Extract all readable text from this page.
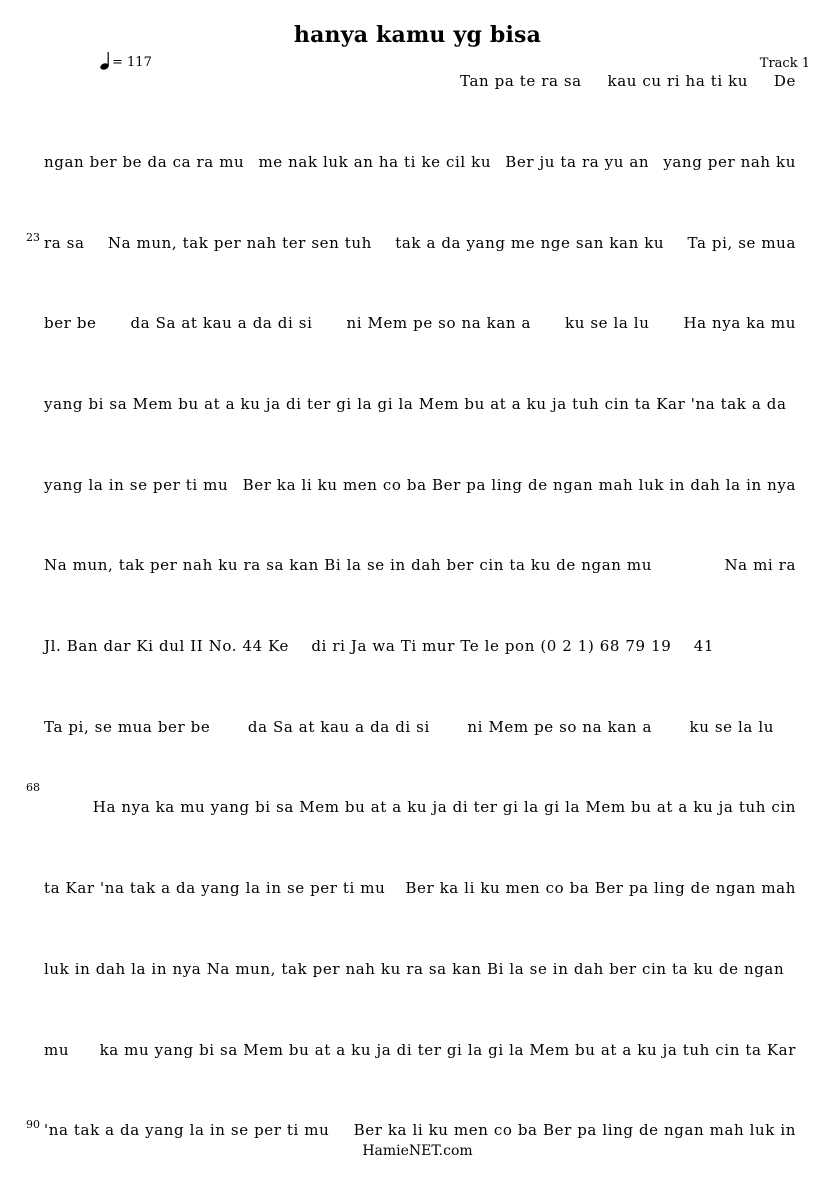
hanya kamu yg bisa
= 117	Track 1
Tan pa te ra sa kau cu ri ha ti ku De
ngan ber be da ca ra mu me nak luk an ha ti ke cil ku Ber ju ta ra yu an yang per nah ku
23 ra sa Na mun, tak per nah ter sen tuh tak a da yang me nge san kan ku Ta pi, se mua
ber be da Sa at kau a da di si ni Mem pe so na kan a ku se la lu Ha nya ka mu
yang bi sa Mem bu at a ku ja di ter gi la gi la Mem bu at a ku ja tuh cin ta Kar 'na tak a da
yang la in se per ti mu Ber ka li ku men co ba Ber pa ling de ngan mah luk in dah la in nya
Na mun, tak per nah ku ra sa kan Bi la se in dah ber cin ta ku de ngan mu	Na mi ra
Jl. Ban dar Ki dul II No. 44 Ke di ri Ja wa Ti mur Te le pon (0 2 1) 68 79 19 41
Ta pi, se mua ber be	da Sa at kau a da di si	ni Mem pe so na kan a	ku se la lu
68
Ha nya ka mu yang bi sa Mem bu at a ku ja di ter gi la gi la Mem bu at a ku ja tuh cin
ta Kar 'na tak a da yang la in se per ti mu Ber ka li ku men co ba Ber pa ling de ngan mah
luk in dah la in nya Na mun, tak per nah ku ra sa kan Bi la se in dah ber cin ta ku de ngan
mu ka mu yang bi sa Mem bu at a ku ja di ter gi la gi la Mem bu at a ku ja tuh cin ta Kar
90 'na tak a da yang la in se per ti mu Ber ka li ku men co ba Ber pa ling de ngan mah luk in
HamieNET.com
